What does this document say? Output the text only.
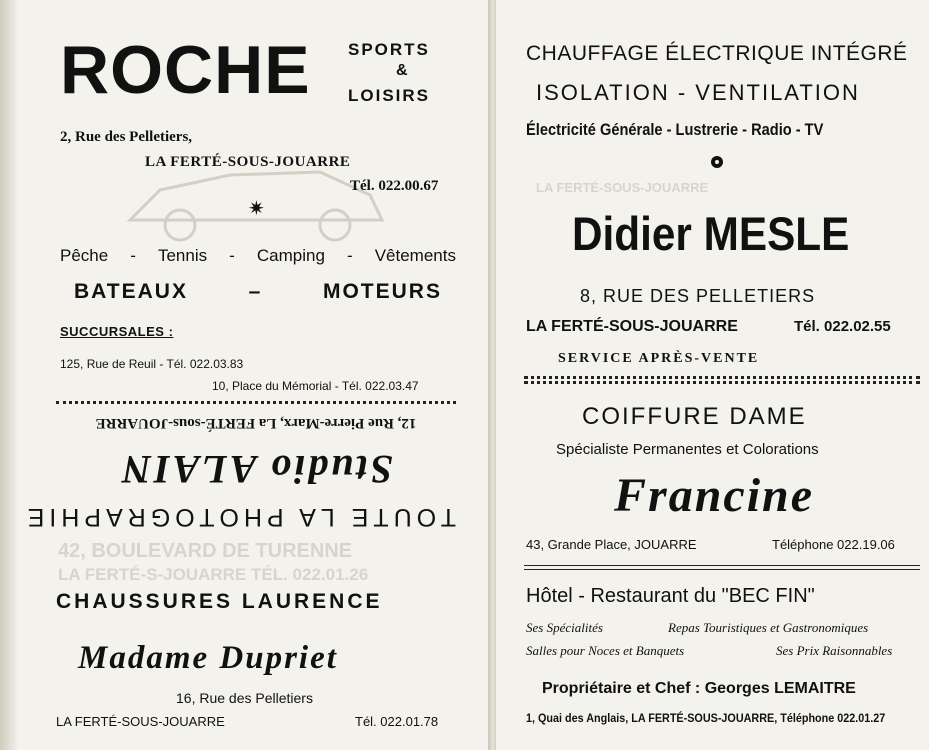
ROCHE SPORTS
&
LOISIRS
2, Rue des Pelletiers,
LA FERTÉ-SOUS-JOUARRE
Tél. 022.00.67
✷
Pêche - Tennis - Camping - Vêtements
BATEAUX	–	MOTEURS
SUCCURSALES :
125, Rue de Reuil - Tél. 022.03.83
10, Place du Mémorial - Tél. 022.03.47
TOUTE LA PHOTOGRAPHIE
Studio ALAIN
12, Rue Pierre-Marx, La FERTÉ-sous-JOUARRE
42, BOULEVARD DE TURENNE
LA FERTÉ-S-JOUARRE TÉL. 022.01.26
CHAUSSURES LAURENCE
Madame Dupriet
16, Rue des Pelletiers
LA FERTÉ-SOUS-JOUARRE	Tél. 022.01.78
CHAUFFAGE ÉLECTRIQUE INTÉGRÉ
ISOLATION - VENTILATION
Électricité Générale - Lustrerie - Radio - TV
LA FERTÉ-SOUS-JOUARRE
Didier MESLE
8, RUE DES PELLETIERS
LA FERTÉ-SOUS-JOUARRE	Tél. 022.02.55
SERVICE APRÈS-VENTE
COIFFURE DAME
Spécialiste Permanentes et Colorations
Francine
43, Grande Place, JOUARRE	Téléphone 022.19.06
Hôtel - Restaurant du "BEC FIN"
Ses Spécialités	Repas Touristiques et Gastronomiques
Salles pour Noces et Banquets	Ses Prix Raisonnables
Propriétaire et Chef : Georges LEMAITRE
1, Quai des Anglais, LA FERTÉ-SOUS-JOUARRE, Téléphone 022.01.27
